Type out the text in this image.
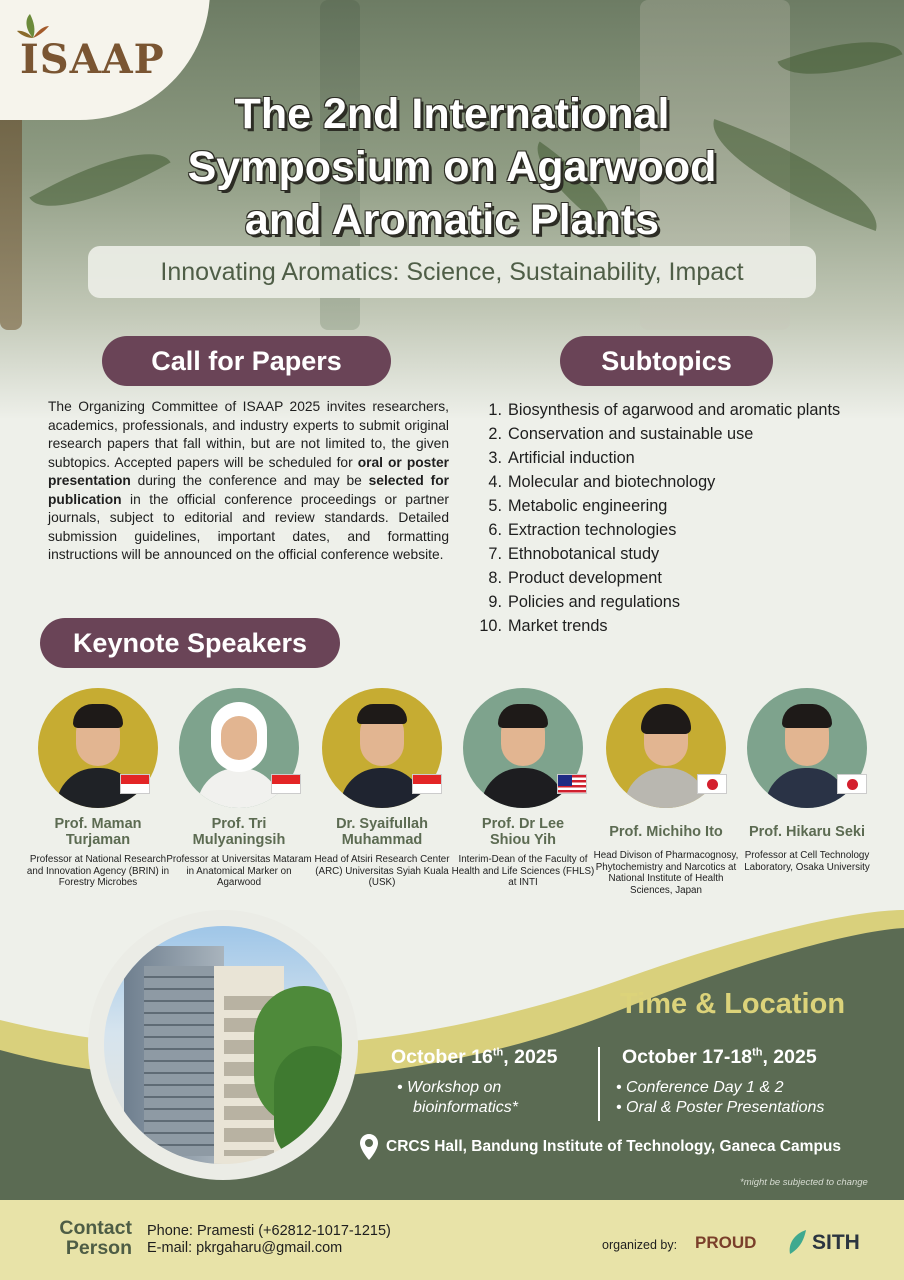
ISAAP
The 2nd International
Symposium on Agarwood
and Aromatic Plants
Innovating Aromatics: Science, Sustainability, Impact
Call for Papers
The Organizing Committee of ISAAP 2025 invites researchers, academics, professionals, and industry experts to submit original research papers that fall within, but are not limited to, the given subtopics. Accepted papers will be scheduled for oral or poster presentation during the conference and may be selected for publication in the official conference proceedings or partner journals, subject to editorial and review standards. Detailed submission guidelines, important dates, and formatting instructions will be announced on the official conference website.
Subtopics
1. Biosynthesis of agarwood and aromatic plants
2. Conservation and sustainable use
3. Artificial induction
4. Molecular and biotechnology
5. Metabolic engineering
6. Extraction technologies
7. Ethnobotanical study
8. Product development
9. Policies and regulations
10. Market trends
Keynote Speakers
Prof. Maman
Turjaman
Professor at National Research and Innovation Agency (BRIN) in Forestry Microbes
Prof. Tri
Mulyaningsih
Professor at Universitas Mataram in Anatomical Marker on Agarwood
Dr. Syaifullah
Muhammad
Head of Atsiri Research Center (ARC) Universitas Syiah Kuala (USK)
Prof. Dr Lee
Shiou Yih
Interim-Dean of the Faculty of Health and Life Sciences (FHLS) at INTI
Prof. Michiho Ito
Head Divison of Pharmacognosy, Phytochemistry and Narcotics at National Institute of Health Sciences, Japan
Prof. Hikaru Seki
Professor at Cell Technology Laboratory, Osaka University
Time & Location
October 16th, 2025
• Workshop on
bioinformatics*
October 17-18th, 2025
• Conference Day 1 & 2
• Oral & Poster Presentations
CRCS Hall, Bandung Institute of Technology, Ganeca Campus
*might be subjected to change
Contact
Person
Phone: Pramesti (+62812-1017-1215)
E-mail: pkrgaharu@gmail.com	organized by: PROUD	SITH
